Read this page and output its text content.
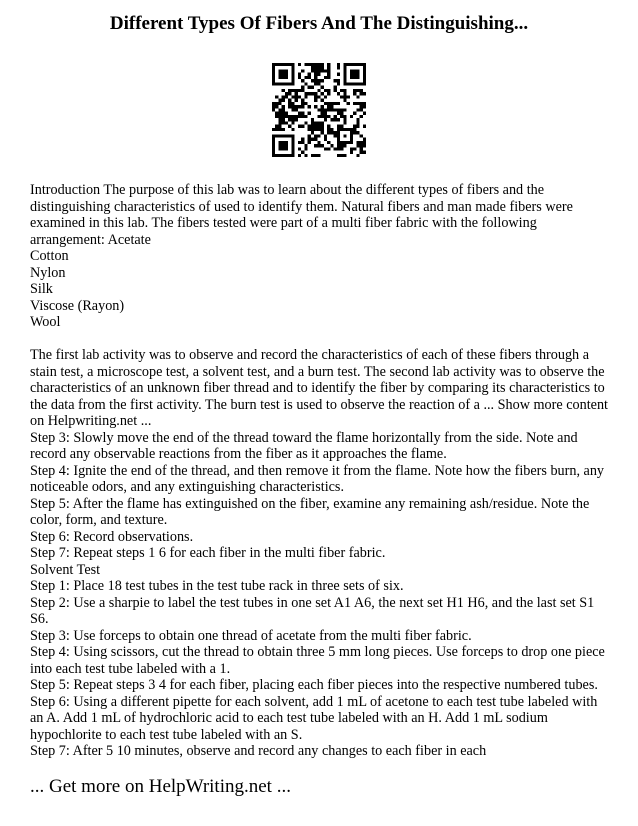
Different Types Of Fibers And The Distinguishing...
Introduction The purpose of this lab was to learn about the different types of fibers and the
distinguishing characteristics of used to identify them. Natural fibers and man made fibers were
examined in this lab. The fibers tested were part of a multi fiber fabric with the following
arrangement: Acetate
Cotton
Nylon
Silk
Viscose (Rayon)
Wool
The first lab activity was to observe and record the characteristics of each of these fibers through a
stain test, a microscope test, a solvent test, and a burn test. The second lab activity was to observe the
characteristics of an unknown fiber thread and to identify the fiber by comparing its characteristics to
the data from the first activity. The burn test is used to observe the reaction of a ... Show more content
on Helpwriting.net ...
Step 3: Slowly move the end of the thread toward the flame horizontally from the side. Note and
record any observable reactions from the fiber as it approaches the flame.
Step 4: Ignite the end of the thread, and then remove it from the flame. Note how the fibers burn, any
noticeable odors, and any extinguishing characteristics.
Step 5: After the flame has extinguished on the fiber, examine any remaining ash/residue. Note the
color, form, and texture.
Step 6: Record observations.
Step 7: Repeat steps 1 6 for each fiber in the multi fiber fabric.
Solvent Test
Step 1: Place 18 test tubes in the test tube rack in three sets of six.
Step 2: Use a sharpie to label the test tubes in one set A1 A6, the next set H1 H6, and the last set S1
S6.
Step 3: Use forceps to obtain one thread of acetate from the multi fiber fabric.
Step 4: Using scissors, cut the thread to obtain three 5 mm long pieces. Use forceps to drop one piece
into each test tube labeled with a 1.
Step 5: Repeat steps 3 4 for each fiber, placing each fiber pieces into the respective numbered tubes.
Step 6: Using a different pipette for each solvent, add 1 mL of acetone to each test tube labeled with
an A. Add 1 mL of hydrochloric acid to each test tube labeled with an H. Add 1 mL sodium
hypochlorite to each test tube labeled with an S.
Step 7: After 5 10 minutes, observe and record any changes to each fiber in each
... Get more on HelpWriting.net ...
